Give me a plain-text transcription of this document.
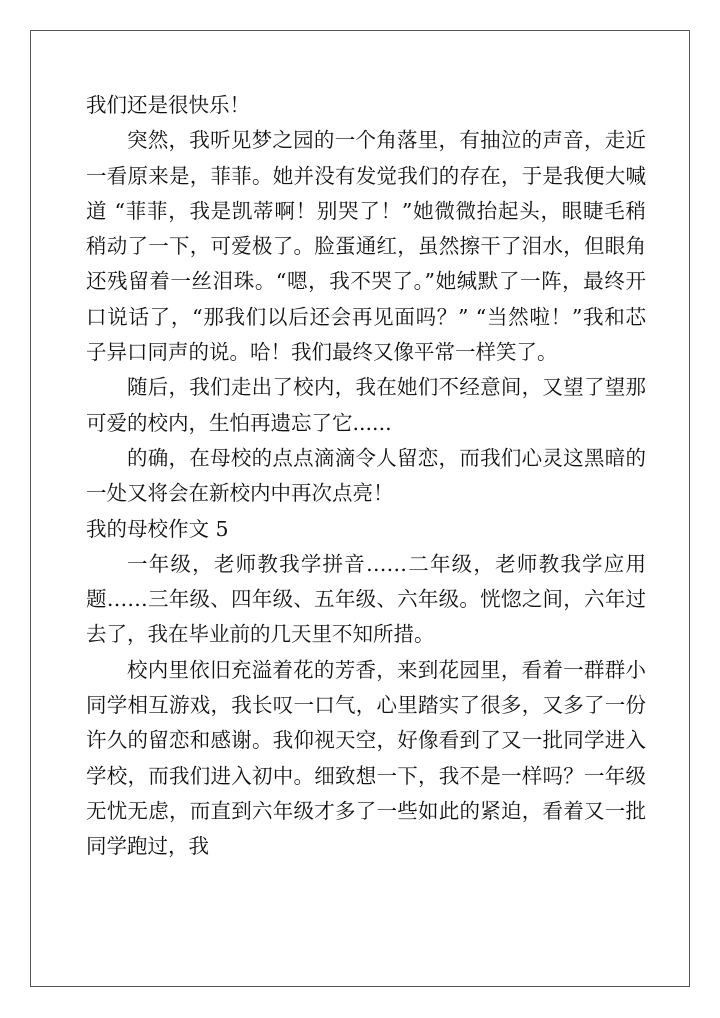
我们还是很快乐！

突然，我听见梦之园的一个角落里，有抽泣的声音，走近一看原来是，菲菲。她并没有发觉我们的存在，于是我便大喊道 “菲菲，我是凯蒂啊！别哭了！”她微微抬起头，眼睫毛稍稍动了一下，可爱极了。脸蛋通红，虽然擦干了泪水，但眼角还残留着一丝泪珠。“嗯，我不哭了。”她缄默了一阵，最终开口说话了，“那我们以后还会再见面吗？” “当然啦！”我和芯子异口同声的说。哈！我们最终又像平常一样笑了。

随后，我们走出了校内，我在她们不经意间，又望了望那可爱的校内，生怕再遗忘了它......

的确，在母校的点点滴滴令人留恋，而我们心灵这黑暗的一处又将会在新校内中再次点亮！

我的母校作文 5

一年级，老师教我学拼音……二年级，老师教我学应用题……三年级、四年级、五年级、六年级。恍惚之间，六年过去了，我在毕业前的几天里不知所措。

校内里依旧充溢着花的芳香，来到花园里，看着一群群小同学相互游戏，我长叹一口气，心里踏实了很多，又多了一份许久的留恋和感谢。我仰视天空，好像看到了又一批同学进入学校，而我们进入初中。细致想一下，我不是一样吗？一年级无忧无虑，而直到六年级才多了一些如此的紧迫，看着又一批同学跑过，我
